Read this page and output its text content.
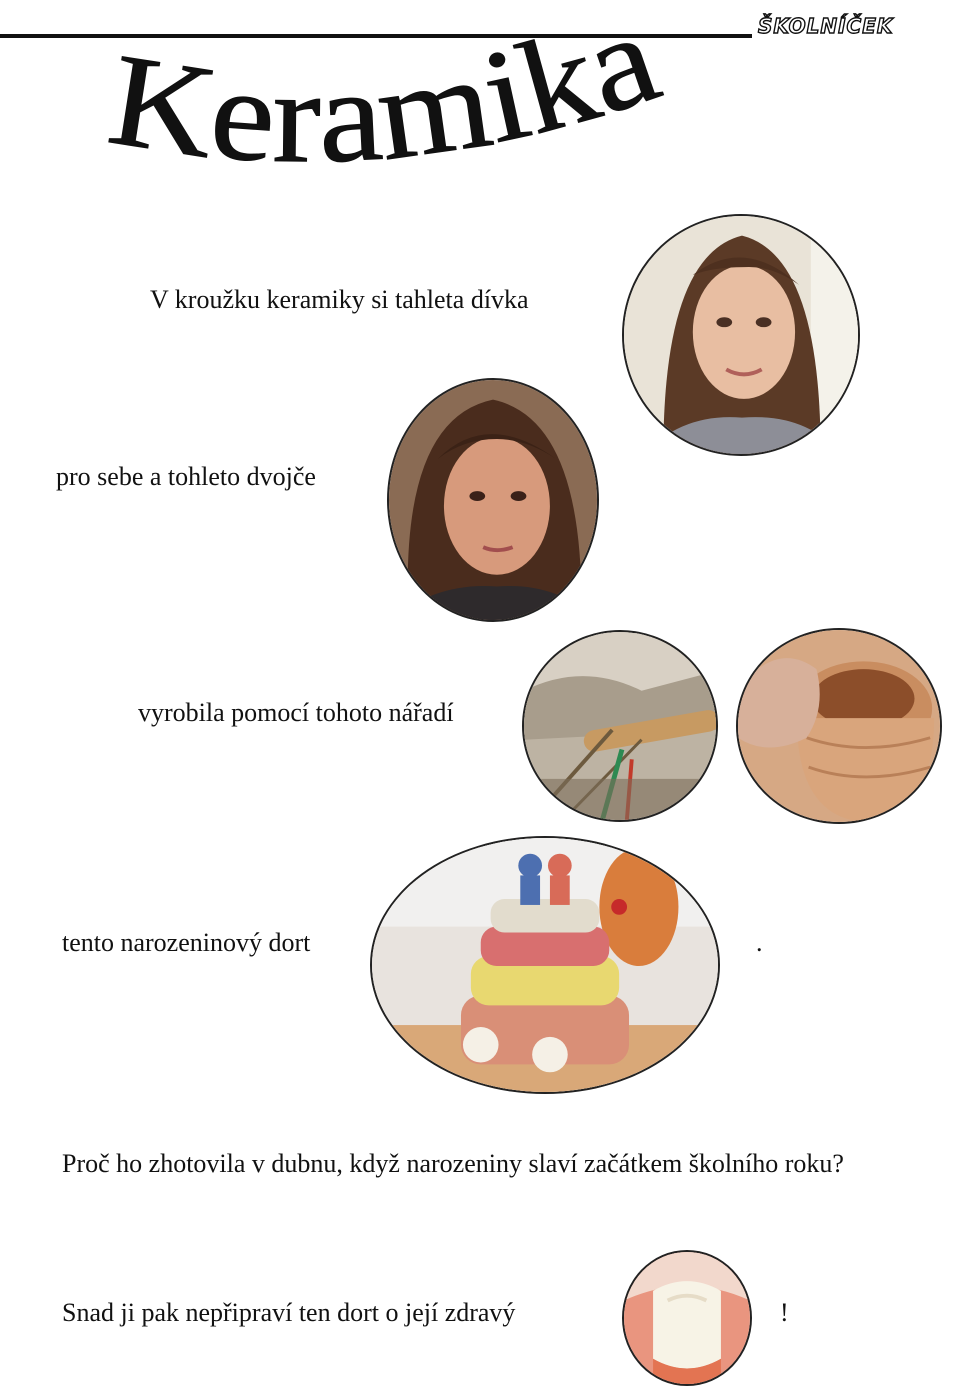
ŠKOLNÍČEK
Keramika
V kroužku keramiky si tahleta dívka
pro sebe a tohleto dvojče
vyrobila pomocí tohoto nářadí
tento narozeninový dort	.
Proč ho zhotovila v dubnu, když narozeniny slaví začátkem školního roku?
Snad ji pak nepřipraví ten dort o její zdravý	!
